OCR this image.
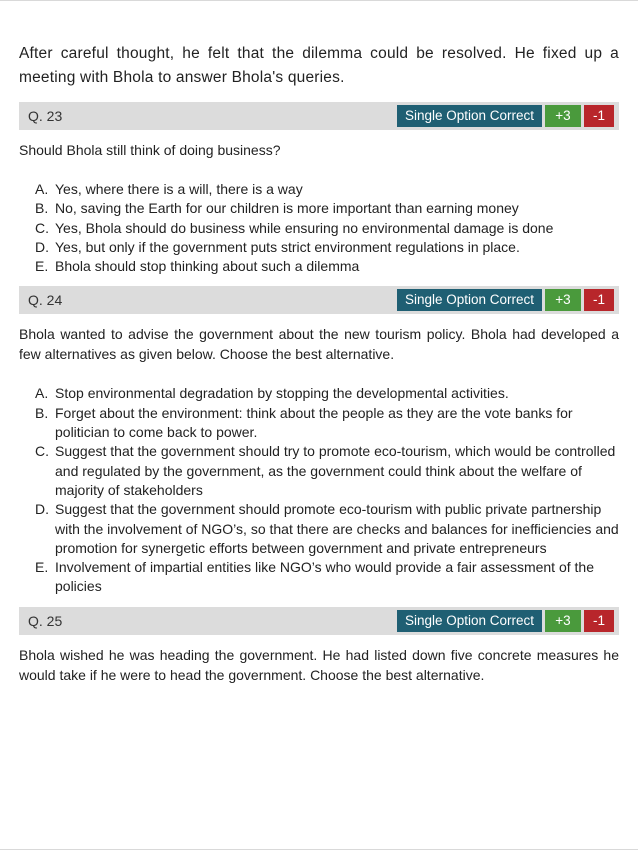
After careful thought, he felt that the dilemma could be resolved. He fixed up a meeting with Bhola to answer Bhola's queries.

Q. 23	Single Option Correct	+3	-1

Should Bhola still think of doing business?

A. Yes, where there is a will, there is a way
B. No, saving the Earth for our children is more important than earning money
C. Yes, Bhola should do business while ensuring no environmental damage is done
D. Yes, but only if the government puts strict environment regulations in place.
E. Bhola should stop thinking about such a dilemma
Q. 24	Single Option Correct	+3	-1

Bhola wanted to advise the government about the new tourism policy. Bhola had developed a few alternatives as given below. Choose the best alternative.

A. Stop environmental degradation by stopping the developmental activities.
B. Forget about the environment: think about the people as they are the vote banks for politician to come back to power.
C. Suggest that the government should try to promote eco-tourism, which would be controlled and regulated by the government, as the government could think about the welfare of majority of stakeholders
D. Suggest that the government should promote eco-tourism with public private partnership with the involvement of NGO’s, so that there are checks and balances for inefficiencies and promotion for synergetic efforts between government and private entrepreneurs
E. Involvement of impartial entities like NGO’s who would provide a fair assessment of the policies
Q. 25	Single Option Correct	+3	-1

Bhola wished he was heading the government. He had listed down five concrete measures he would take if he were to head the government. Choose the best alternative.
